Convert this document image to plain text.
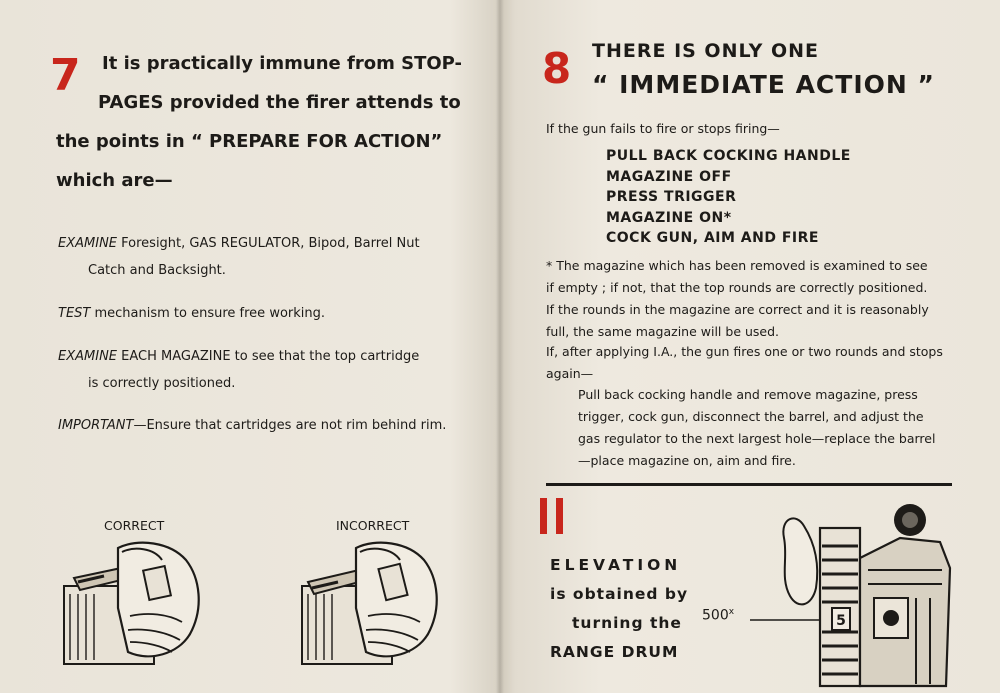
7	It is practically immune from STOP-
PAGES provided the firer attends to
the points in “ PREPARE FOR ACTION”
which are—
EXAMINE Foresight, GAS REGULATOR, Bipod, Barrel Nut
Catch and Backsight.
TEST mechanism to ensure free working.
EXAMINE EACH MAGAZINE to see that the top cartridge
is correctly positioned.
IMPORTANT—Ensure that cartridges are not rim behind rim.
CORRECT	INCORRECT
8 THERE IS ONLY ONE
“ IMMEDIATE ACTION ”
If the gun fails to fire or stops firing—
PULL BACK COCKING HANDLE
MAGAZINE OFF
PRESS TRIGGER
MAGAZINE ON*
COCK GUN, AIM AND FIRE
* The magazine which has been removed is examined to see
if empty ; if not, that the top rounds are correctly positioned.
If the rounds in the magazine are correct and it is reasonably
full, the same magazine will be used.
If, after applying I.A., the gun fires one or two rounds and stops
again—
Pull back cocking handle and remove magazine, press
trigger, cock gun, disconnect the barrel, and adjust the
gas regulator to the next largest hole—replace the barrel
—place magazine on, aim and fire.
ELEVATION
is obtained by
turning the
RANGE DRUM
500$^x$
5
